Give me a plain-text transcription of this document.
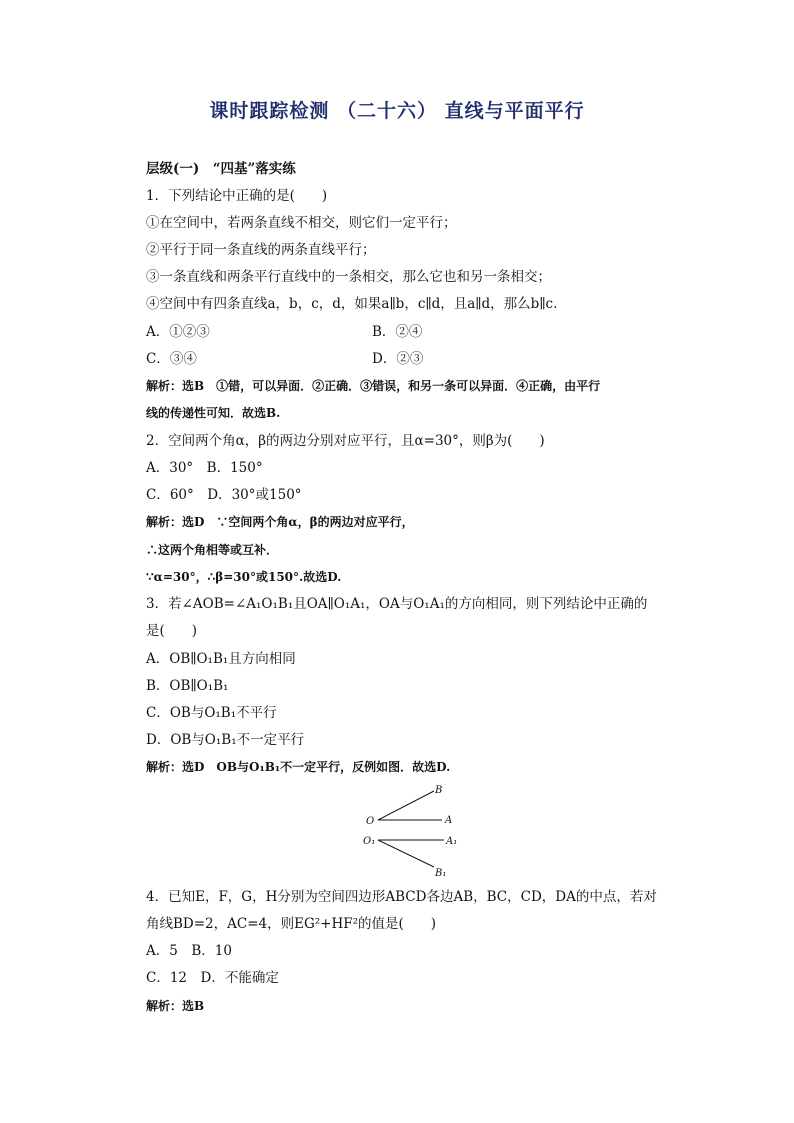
课时跟踪检测 （二十六） 直线与平面平行
层级(一)　“四基”落实练
1．下列结论中正确的是(　　)
①在空间中，若两条直线不相交，则它们一定平行；
②平行于同一条直线的两条直线平行；
③一条直线和两条平行直线中的一条相交，那么它也和另一条相交；
④空间中有四条直线a，b，c，d，如果a∥b，c∥d，且a∥d，那么b∥c.
A．①②③	B．②④
C．③④	D．②③
解析：选B　①错，可以异面．②正确．③错误，和另一条可以异面．④正确，由平行
线的传递性可知．故选B.
2．空间两个角α，β的两边分别对应平行，且α=30°，则β为(　　)
A．30°　B．150°
C．60°　D．30°或150°
解析：选D　∵空间两个角α，β的两边对应平行，
∴这两个角相等或互补．
∵α=30°，∴β=30°或150°.故选D.
3．若∠AOB=∠A₁O₁B₁且OA∥O₁A₁，OA与O₁A₁的方向相同，则下列结论中正确的
是(　　)
A．OB∥O₁B₁且方向相同
B．OB∥O₁B₁
C．OB与O₁B₁不平行
D．OB与O₁B₁不一定平行
解析：选D　OB与O₁B₁不一定平行，反例如图．故选D.
B
O	A
O₁	A₁
B₁
4．已知E，F，G，H分别为空间四边形ABCD各边AB，BC，CD，DA的中点，若对
角线BD=2，AC=4，则EG²+HF²的值是(　　)
A．5　B．10
C．12　D．不能确定
解析：选B
